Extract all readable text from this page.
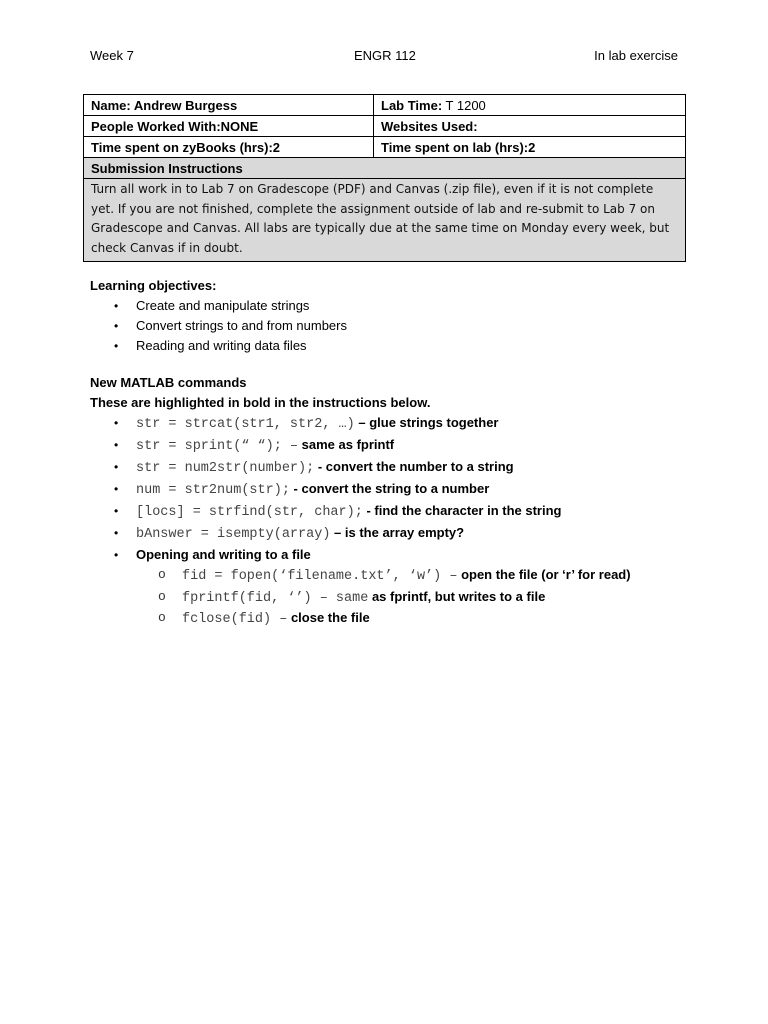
Week 7	ENGR 112	In lab exercise
Name: Andrew Burgess	Lab Time: T 1200
People Worked With:NONE	Websites Used:
Time spent on zyBooks (hrs):2	Time spent on lab (hrs):2
Submission Instructions	
Turn all work in to Lab 7 on Gradescope (PDF) and Canvas (.zip file), even if it is not complete yet. If you are not finished, complete the assignment outside of lab and re-submit to Lab 7 on Gradescope and Canvas. All labs are typically due at the same time on Monday every week, but check Canvas if in doubt.	
Learning objectives:
• Create and manipulate strings
• Convert strings to and from numbers
• Reading and writing data files
New MATLAB commands
These are highlighted in bold in the instructions below.
• str = strcat(str1, str2, …) – glue strings together
• str = sprint(“ “); – same as fprintf
• str = num2str(number); - convert the number to a string
• num = str2num(str); - convert the string to a number
• [locs] = strfind(str, char); - find the character in the string
• bAnswer = isempty(array) – is the array empty?
• Opening and writing to a file
o fid = fopen(‘filename.txt’, ‘w’) – open the file (or ‘r’ for read)
o fprintf(fid, ‘’) – same as fprintf, but writes to a file
o fclose(fid) – close the file
